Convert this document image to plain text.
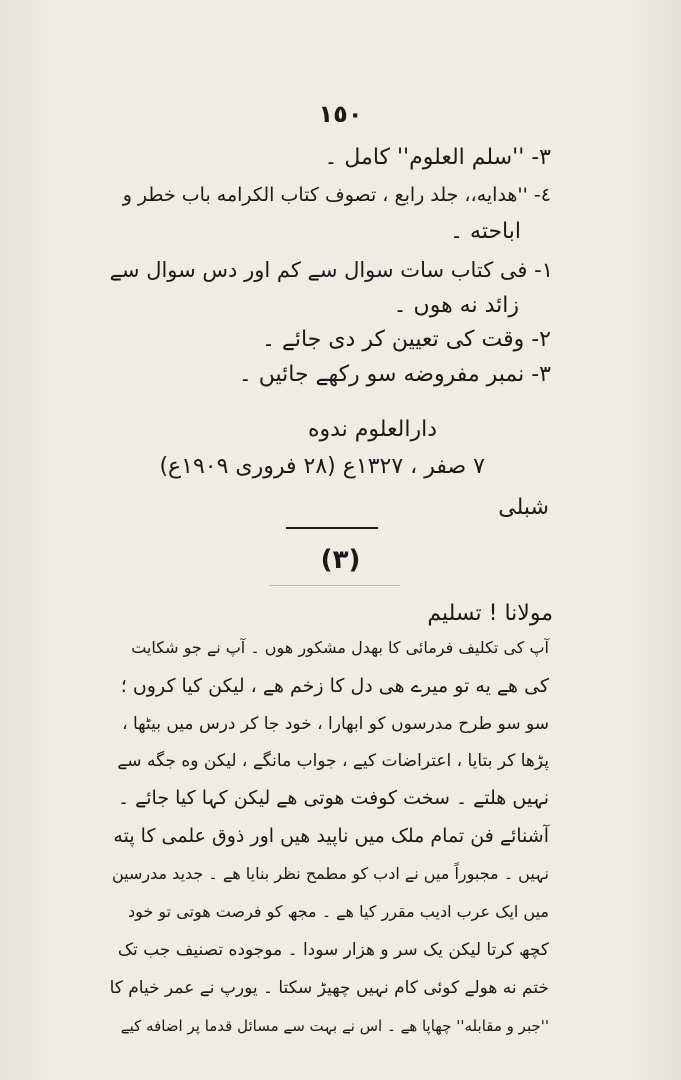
١٥٠
٣- ''سلم العلوم'' کامل ۔
٤- ''هدایه،، جلد رابع ، تصوف کتاب الکرامه باب خطر و
اباحته ۔
١- فی کتاب سات سوال سے کم اور دس سوال سے
زائد نه هوں ۔
٢- وقت کی تعیین کر دی جائے ۔
٣- نمبر مفروضه سو رکھے جائیں ۔
دارالعلوم ندوه
٧ صفر ، ١٣٢٧ع (٢٨ فروری ١٩٠٩ع)
شبلی
(٣)
مولانا ! تسلیم
آپ کی تکلیف فرمائی کا بهدل مشکور هوں ۔ آپ نے جو شکایت
کی هے یه تو میرے هی دل کا زخم هے ، لیکن کیا کروں ؛
سو سو طرح مدرسوں کو ابھارا ، خود جا کر درس میں بیٹھا ،
پڑھا کر بتایا ، اعتراضات کیے ، جواب مانگے ، لیکن وه جگه سے
نہیں هلتے ۔ سخت کوفت هوتی هے لیکن کہا کیا جائے ۔
آشنائے فن تمام ملک میں ناپید هیں اور ذوق علمی کا پته
نہیں ۔ مجبوراً میں نے ادب کو مطمح نظر بنایا هے ۔ جدید مدرسین
میں ایک عرب ادیب مقرر کیا هے ۔ مجھ کو فرصت هوتی تو خود
کچھ کرتا لیکن یک سر و هزار سودا ۔ موجوده تصنیف جب تک
ختم نه هولے کوئی کام نہیں چھیڑ سکتا ۔ یورپ نے عمر خیام کا
''جبر و مقابله'' چھاپا هے ۔ اس نے بہت سے مسائل قدما پر اضافه کیے
